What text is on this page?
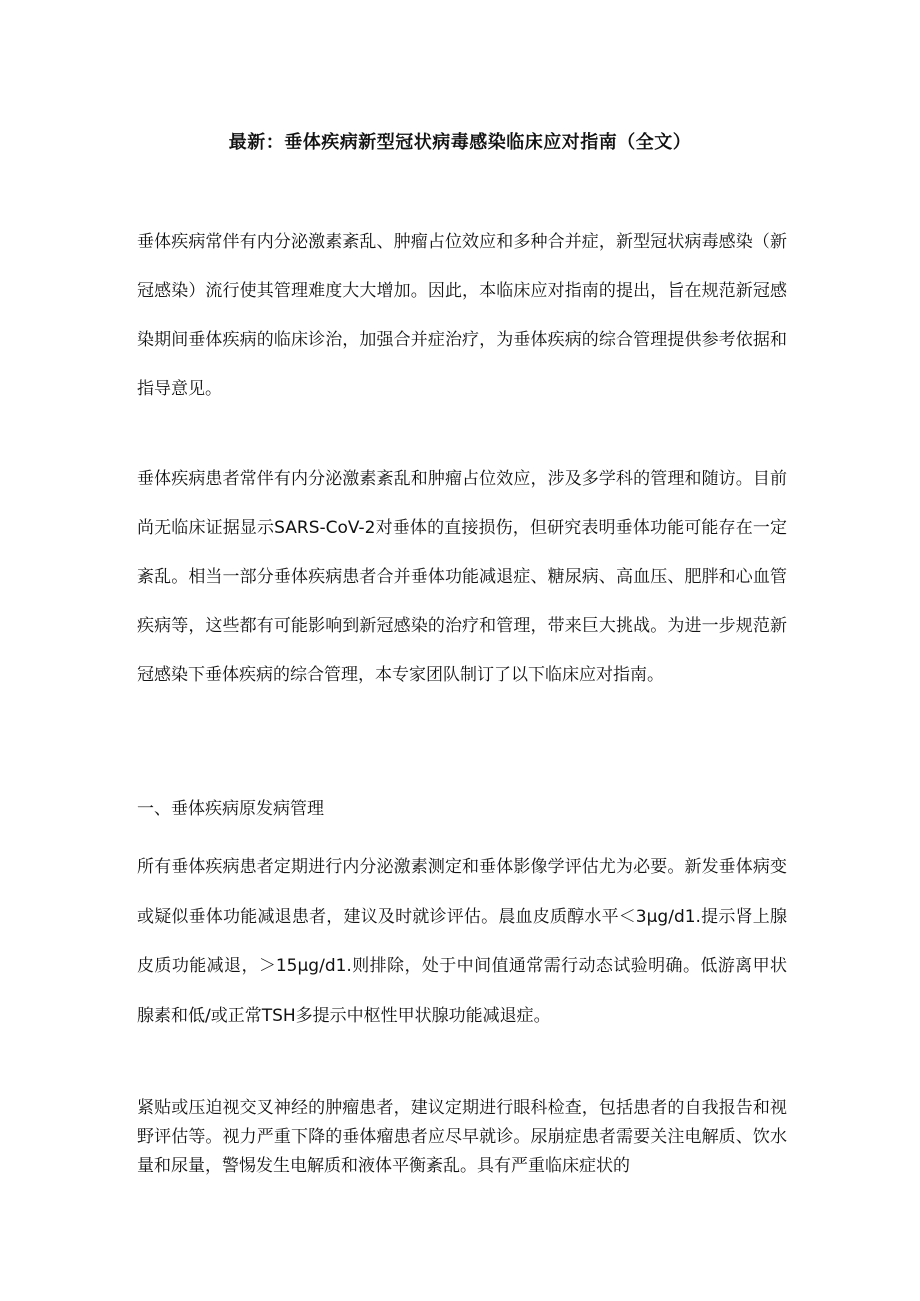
最新：垂体疾病新型冠状病毒感染临床应对指南（全文）

垂体疾病常伴有内分泌激素紊乱、肿瘤占位效应和多种合并症，新型冠状病毒感染（新冠感染）流行使其管理难度大大增加。因此，本临床应对指南的提出，旨在规范新冠感染期间垂体疾病的临床诊治，加强合并症治疗，为垂体疾病的综合管理提供参考依据和指导意见。

垂体疾病患者常伴有内分泌激素紊乱和肿瘤占位效应，涉及多学科的管理和随访。目前尚无临床证据显示SARS-CoV-2对垂体的直接损伤，但研究表明垂体功能可能存在一定紊乱。相当一部分垂体疾病患者合并垂体功能减退症、糖尿病、高血压、肥胖和心血管疾病等，这些都有可能影响到新冠感染的治疗和管理，带来巨大挑战。为进一步规范新冠感染下垂体疾病的综合管理，本专家团队制订了以下临床应对指南。

一、垂体疾病原发病管理

所有垂体疾病患者定期进行内分泌激素测定和垂体影像学评估尤为必要。新发垂体病变或疑似垂体功能减退患者，建议及时就诊评估。晨血皮质醇水平＜3μg∕d1.提示肾上腺皮质功能减退，＞15μg∕d1.则排除，处于中间值通常需行动态试验明确。低游离甲状腺素和低∕或正常TSH多提示中枢性甲状腺功能减退症。

紧贴或压迫视交叉神经的肿瘤患者，建议定期进行眼科检查，包括患者的自我报告和视野评估等。视力严重下降的垂体瘤患者应尽早就诊。尿崩症患者需要关注电解质、饮水量和尿量，警惕发生电解质和液体平衡紊乱。具有严重临床症状的
